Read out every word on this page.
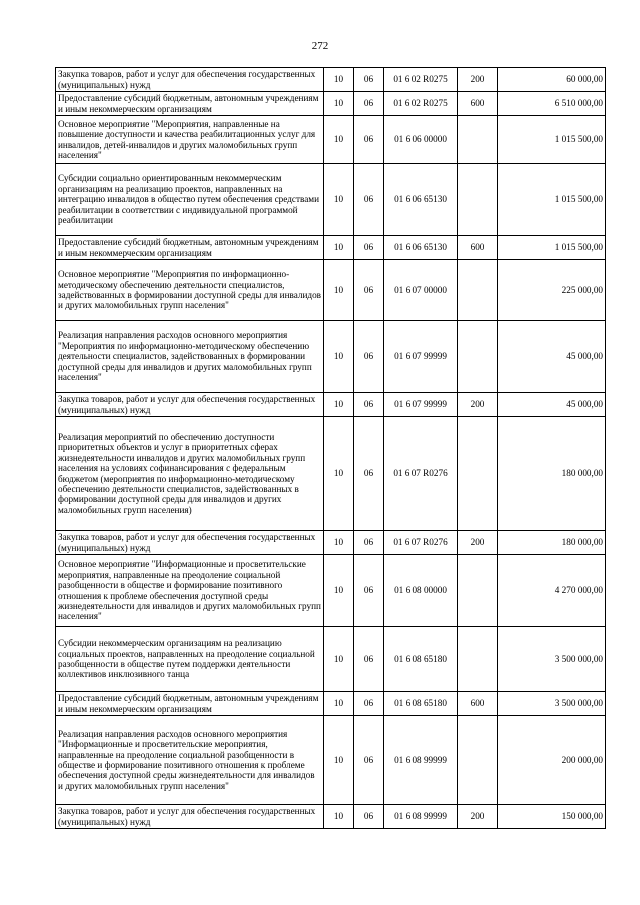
272
Закупка товаров, работ и услуг для обеспечения государственных (муниципальных) нужд	10	06	01 6 02 R0275	200	60 000,00
Предоставление субсидий бюджетным, автономным учреждениям и иным некоммерческим организациям	10	06	01 6 02 R0275	600	6 510 000,00
Основное мероприятие "Мероприятия, направленные на повышение доступности и качества реабилитационных услуг для инвалидов, детей-инвалидов и других маломобильных групп населения"	10	06	01 6 06 00000		1 015 500,00
Субсидии социально ориентированным некоммерческим организациям на реализацию проектов, направленных на интеграцию инвалидов в общество путем обеспечения средствами реабилитации в соответствии с индивидуальной программой реабилитации	10	06	01 6 06 65130		1 015 500,00
Предоставление субсидий бюджетным, автономным учреждениям и иным некоммерческим организациям	10	06	01 6 06 65130	600	1 015 500,00
Основное мероприятие "Мероприятия по информационно-методическому обеспечению деятельности специалистов, задействованных в формировании доступной среды для инвалидов и других маломобильных групп населения"	10	06	01 6 07 00000		225 000,00
Реализация направления расходов основного мероприятия "Мероприятия по информационно-методическому обеспечению деятельности специалистов, задействованных в формировании доступной среды для инвалидов и других маломобильных групп населения"	10	06	01 6 07 99999		45 000,00
Закупка товаров, работ и услуг для обеспечения государственных (муниципальных) нужд	10	06	01 6 07 99999	200	45 000,00
Реализация мероприятий по обеспечению доступности приоритетных объектов и услуг в приоритетных сферах жизнедеятельности инвалидов и других маломобильных групп населения на условиях софинансирования с федеральным бюджетом (мероприятия по информационно-методическому обеспечению деятельности специалистов, задействованных в формировании доступной среды для инвалидов и других маломобильных групп населения)	10	06	01 6 07 R0276		180 000,00
Закупка товаров, работ и услуг для обеспечения государственных (муниципальных) нужд	10	06	01 6 07 R0276	200	180 000,00
Основное мероприятие "Информационные и просветительские мероприятия, направленные на преодоление социальной разобщенности в обществе и формирование позитивного отношения к проблеме обеспечения доступной среды жизнедеятельности для инвалидов и других маломобильных групп населения"	10	06	01 6 08 00000		4 270 000,00
Субсидии некоммерческим организациям на реализацию социальных проектов, направленных на преодоление социальной разобщенности в обществе путем поддержки деятельности коллективов инклюзивного танца	10	06	01 6 08 65180		3 500 000,00
Предоставление субсидий бюджетным, автономным учреждениям и иным некоммерческим организациям	10	06	01 6 08 65180	600	3 500 000,00
Реализация направления расходов основного мероприятия "Информационные и просветительские мероприятия, направленные на преодоление социальной разобщенности в обществе и формирование позитивного отношения к проблеме обеспечения доступной среды жизнедеятельности для инвалидов и других маломобильных групп населения"	10	06	01 6 08 99999		200 000,00
Закупка товаров, работ и услуг для обеспечения государственных (муниципальных) нужд	10	06	01 6 08 99999	200	150 000,00
